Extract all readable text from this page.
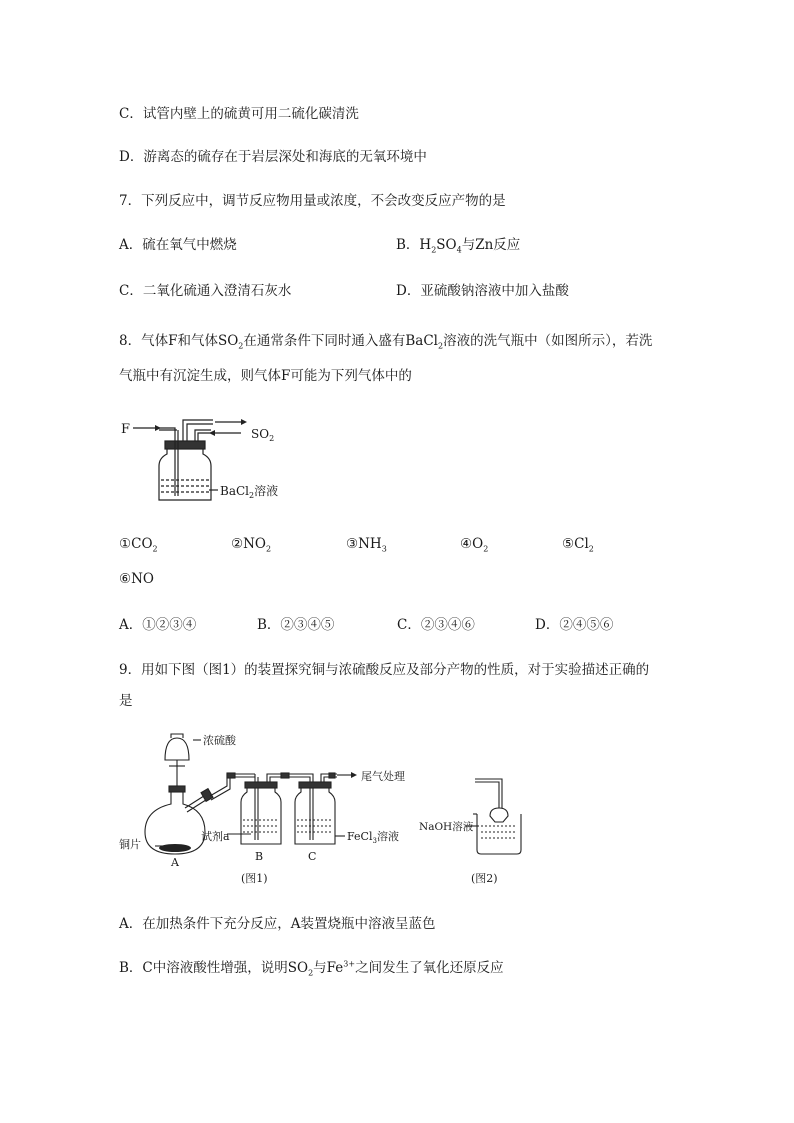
C．试管内壁上的硫黄可用二硫化碳清洗
D．游离态的硫存在于岩层深处和海底的无氧环境中
7．下列反应中，调节反应物用量或浓度，不会改变反应产物的是
A．硫在氧气中燃烧	B．$H_2SO_4$与Zn反应
C．二氧化硫通入澄清石灰水	D．亚硫酸钠溶液中加入盐酸
8．气体F和气体$SO_2$在通常条件下同时通入盛有BaCl$_2$溶液的洗气瓶中（如图所示），若洗
气瓶中有沉淀生成，则气体F可能为下列气体中的
F	$SO_2$
BaCl$_2$溶液
$①CO_2$	$②NO_2$	$③NH_3$	$④O_2$	$⑤Cl_2$
⑥NO
A．①②③④	B．②③④⑤	C．②③④⑥	D．②④⑤⑥
9．用如下图（图1）的装置探究铜与浓硫酸反应及部分产物的性质，对于实验描述正确的
是
浓硫酸
尾气处理
铜片
试剂a	FeCl$_3$溶液
NaOH溶液
A	B	C
(图1)	(图2)
A．在加热条件下充分反应，A装置烧瓶中溶液呈蓝色
B．C中溶液酸性增强，说明$SO_2$与$Fe^{3+}$之间发生了氧化还原反应
